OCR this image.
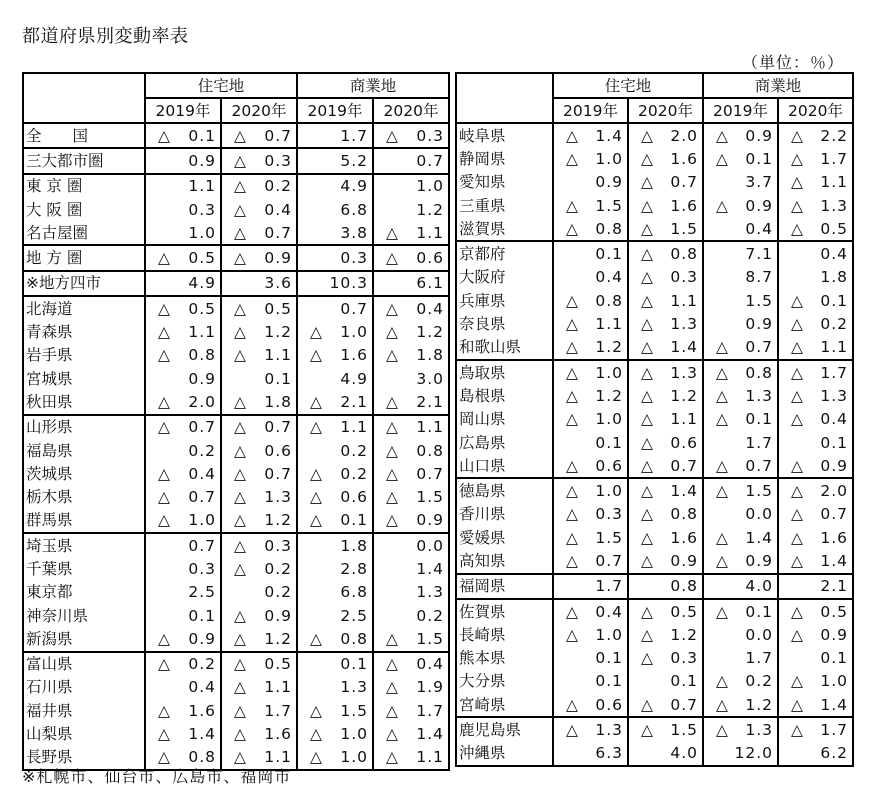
都道府県別変動率表
（単位：％）
	住宅地		商業地	
	2019年	2020年	2019年	2020年
全　　国	△ 0.1	△ 0.7	1.7	△ 0.3
三大都市圏	0.9	△ 0.3	5.2	0.7
東 京 圏	1.1	△ 0.2	4.9	1.0
大 阪 圏	0.3	△ 0.4	6.8	1.2
名古屋圏	1.0	△ 0.7	3.8	△ 1.1
地 方 圏	△ 0.5	△ 0.9	0.3	△ 0.6
※地方四市	4.9	3.6	10.3	6.1
北海道	△ 0.5	△ 0.5	0.7	△ 0.4
青森県	△ 1.1	△ 1.2	△ 1.0	△ 1.2
岩手県	△ 0.8	△ 1.1	△ 1.6	△ 1.8
宮城県	0.9	0.1	4.9	3.0
秋田県	△ 2.0	△ 1.8	△ 2.1	△ 2.1
山形県	△ 0.7	△ 0.7	△ 1.1	△ 1.1
福島県	0.2	△ 0.6	0.2	△ 0.8
茨城県	△ 0.4	△ 0.7	△ 0.2	△ 0.7
栃木県	△ 0.7	△ 1.3	△ 0.6	△ 1.5
群馬県	△ 1.0	△ 1.2	△ 0.1	△ 0.9
埼玉県	0.7	△ 0.3	1.8	0.0
千葉県	0.3	△ 0.2	2.8	1.4
東京都	2.5	0.2	6.8	1.3
神奈川県	0.1	△ 0.9	2.5	0.2
新潟県	△ 0.9	△ 1.2	△ 0.8	△ 1.5
富山県	△ 0.2	△ 0.5	0.1	△ 0.4
石川県	0.4	△ 1.1	1.3	△ 1.9
福井県	△ 1.6	△ 1.7	△ 1.5	△ 1.7
山梨県	△ 1.4	△ 1.6	△ 1.0	△ 1.4
長野県	△ 0.8	△ 1.1	△ 1.0	△ 1.1
	住宅地		商業地	
	2019年	2020年	2019年	2020年
岐阜県	△ 1.4	△ 2.0	△ 0.9	△ 2.2
静岡県	△ 1.0	△ 1.6	△ 0.1	△ 1.7
愛知県	0.9	△ 0.7	3.7	△ 1.1
三重県	△ 1.5	△ 1.6	△ 0.9	△ 1.3
滋賀県	△ 0.8	△ 1.5	0.4	△ 0.5
京都府	0.1	△ 0.8	7.1	0.4
大阪府	0.4	△ 0.3	8.7	1.8
兵庫県	△ 0.8	△ 1.1	1.5	△ 0.1
奈良県	△ 1.1	△ 1.3	0.9	△ 0.2
和歌山県	△ 1.2	△ 1.4	△ 0.7	△ 1.1
鳥取県	△ 1.0	△ 1.3	△ 0.8	△ 1.7
島根県	△ 1.2	△ 1.2	△ 1.3	△ 1.3
岡山県	△ 1.0	△ 1.1	△ 0.1	△ 0.4
広島県	0.1	△ 0.6	1.7	0.1
山口県	△ 0.6	△ 0.7	△ 0.7	△ 0.9
徳島県	△ 1.0	△ 1.4	△ 1.5	△ 2.0
香川県	△ 0.3	△ 0.8	0.0	△ 0.7
愛媛県	△ 1.5	△ 1.6	△ 1.4	△ 1.6
高知県	△ 0.7	△ 0.9	△ 0.9	△ 1.4
福岡県	1.7	0.8	4.0	2.1
佐賀県	△ 0.4	△ 0.5	△ 0.1	△ 0.5
長崎県	△ 1.0	△ 1.2	0.0	△ 0.9
熊本県	0.1	△ 0.3	1.7	0.1
大分県	0.1	0.1	△ 0.2	△ 1.0
宮崎県	△ 0.6	△ 0.7	△ 1.2	△ 1.4
鹿児島県	△ 1.3	△ 1.5	△ 1.3	△ 1.7
沖縄県	6.3	4.0	12.0	6.2
※札幌市、仙台市、広島市、福岡市
